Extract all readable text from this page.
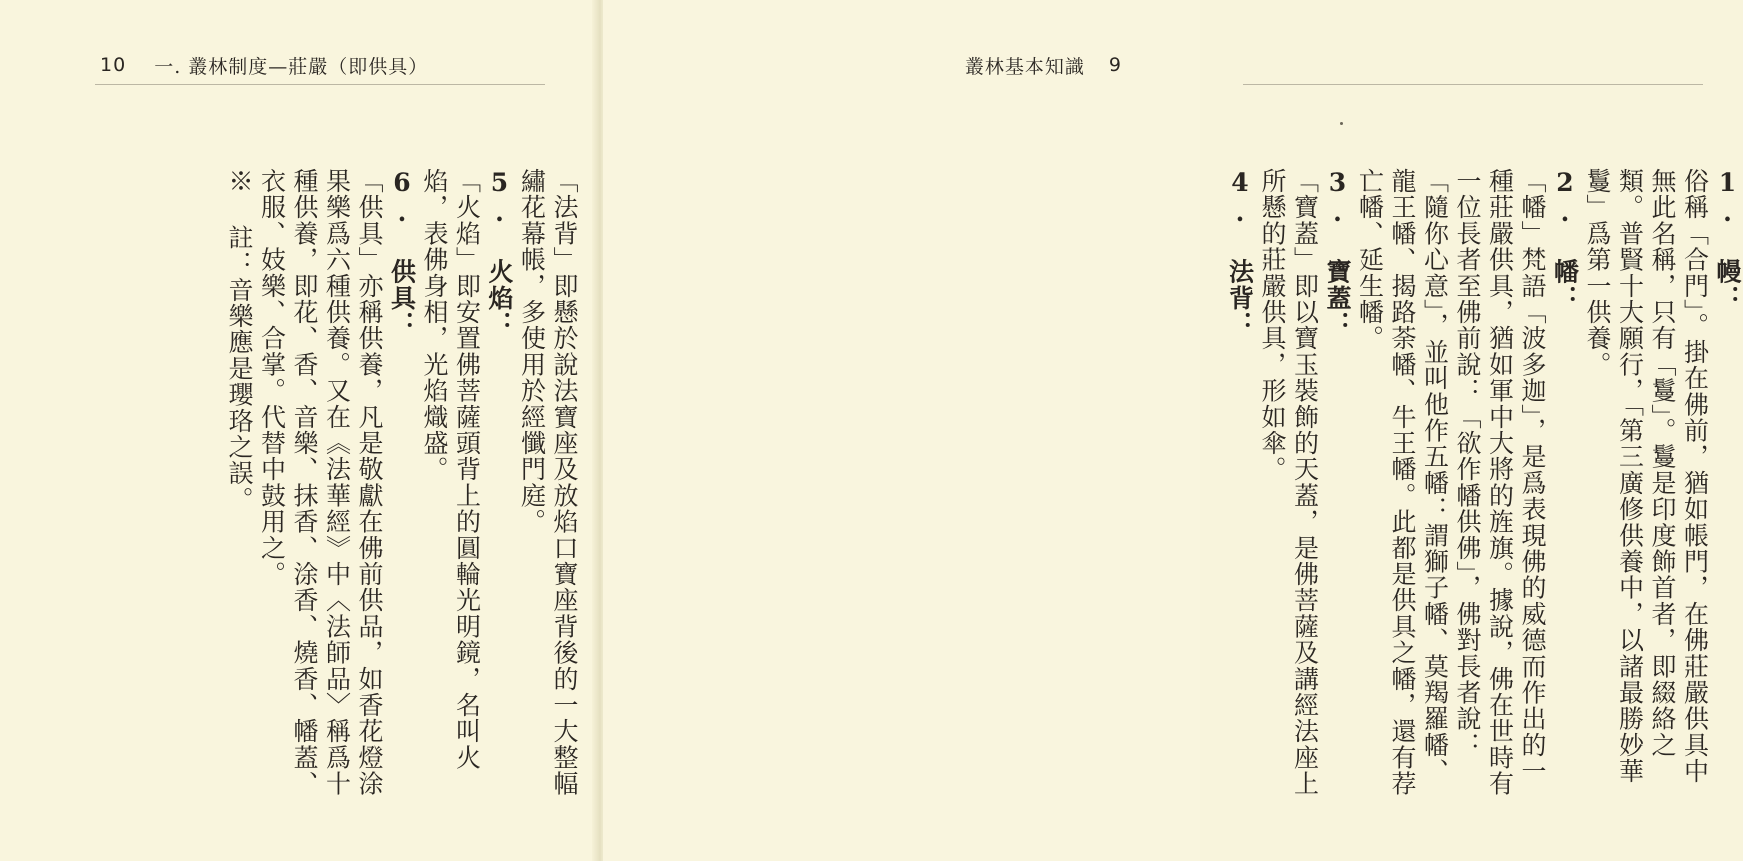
10 一. 叢林制度—莊嚴（即供具）

「法背」即懸於說法寶座及放焰口寶座背後的一大整幅繡花幕帳，多使用於經懺門庭。

5. 火焰：

「火焰」即安置佛菩薩頭背上的圓輪光明鏡，名叫火焰，表佛身相，光焰熾盛。

6. 供具：

「供具」亦稱供養，凡是敬獻在佛前供品，如香花燈涂果樂爲六種供養。又在《法華經》中〈法師品〉稱爲十種供養，即花、香、音樂、抹香、涂香、燒香、幡蓋、衣服、妓樂、合掌。代替中鼓用之。

※ 註：音樂應是瓔珞之誤。

叢林基本知識 9

1. 幔：

俗稱「合門」。掛在佛前，猶如帳門，在佛莊嚴供具中無此名稱，只有「鬘」。鬘是印度飾首者，即綴絡之類。普賢十大願行，「第三廣修供養中，以諸最勝妙華鬘」爲第一供養。

2. 幡：

「幡」梵語「波多迦」，是爲表現佛的威德而作出的一種莊嚴供具，猶如軍中大將的旌旗。據說，佛在世時有一位長者至佛前說：「欲作幡供佛」，佛對長者說：「隨你心意」，並叫他作五幡：謂獅子幡、莫羯羅幡、龍王幡、揭路荼幡、牛王幡。此都是供具之幡，還有荐亡幡、延生幡。

3. 寶蓋：

「寶蓋」即以寶玉裝飾的天蓋，是佛菩薩及講經法座上所懸的莊嚴供具，形如傘。

4. 法背：
